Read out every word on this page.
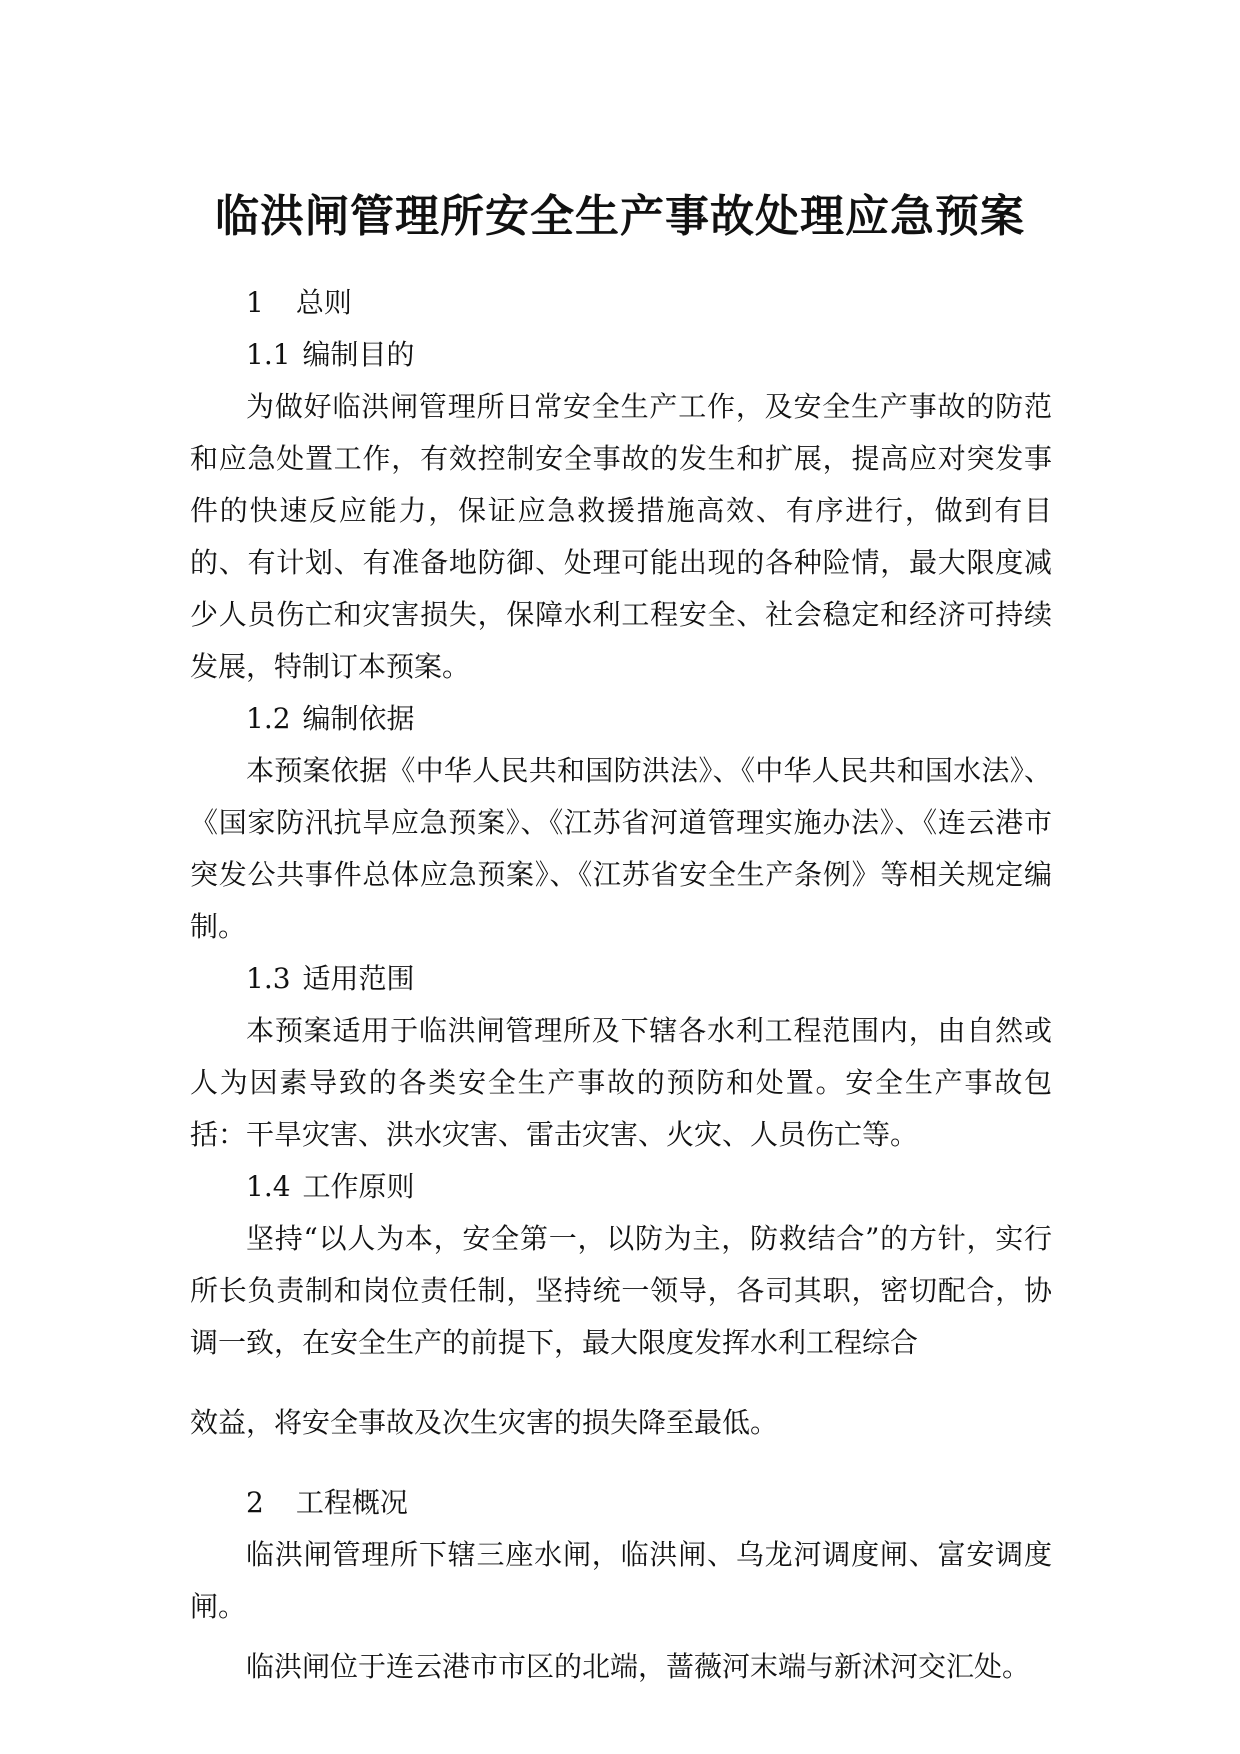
临洪闸管理所安全生产事故处理应急预案

1 总则

1.1 编制目的

为做好临洪闸管理所日常安全生产工作，及安全生产事故的防范和应急处置工作，有效控制安全事故的发生和扩展，提高应对突发事件的快速反应能力，保证应急救援措施高效、有序进行，做到有目的、有计划、有准备地防御、处理可能出现的各种险情，最大限度减少人员伤亡和灾害损失，保障水利工程安全、社会稳定和经济可持续发展，特制订本预案。

1.2 编制依据

本预案依据《中华人民共和国防洪法》、《中华人民共和国水法》、《国家防汛抗旱应急预案》、《江苏省河道管理实施办法》、《连云港市突发公共事件总体应急预案》、《江苏省安全生产条例》等相关规定编制。

1.3 适用范围

本预案适用于临洪闸管理所及下辖各水利工程范围内，由自然或人为因素导致的各类安全生产事故的预防和处置。安全生产事故包括：干旱灾害、洪水灾害、雷击灾害、火灾、人员伤亡等。

1.4 工作原则

坚持“以人为本，安全第一，以防为主，防救结合”的方针，实行所长负责制和岗位责任制，坚持统一领导，各司其职，密切配合，协调一致，在安全生产的前提下，最大限度发挥水利工程综合

效益，将安全事故及次生灾害的损失降至最低。

2 工程概况

临洪闸管理所下辖三座水闸，临洪闸、乌龙河调度闸、富安调度闸。

临洪闸位于连云港市市区的北端，蔷薇河末端与新沭河交汇处。
